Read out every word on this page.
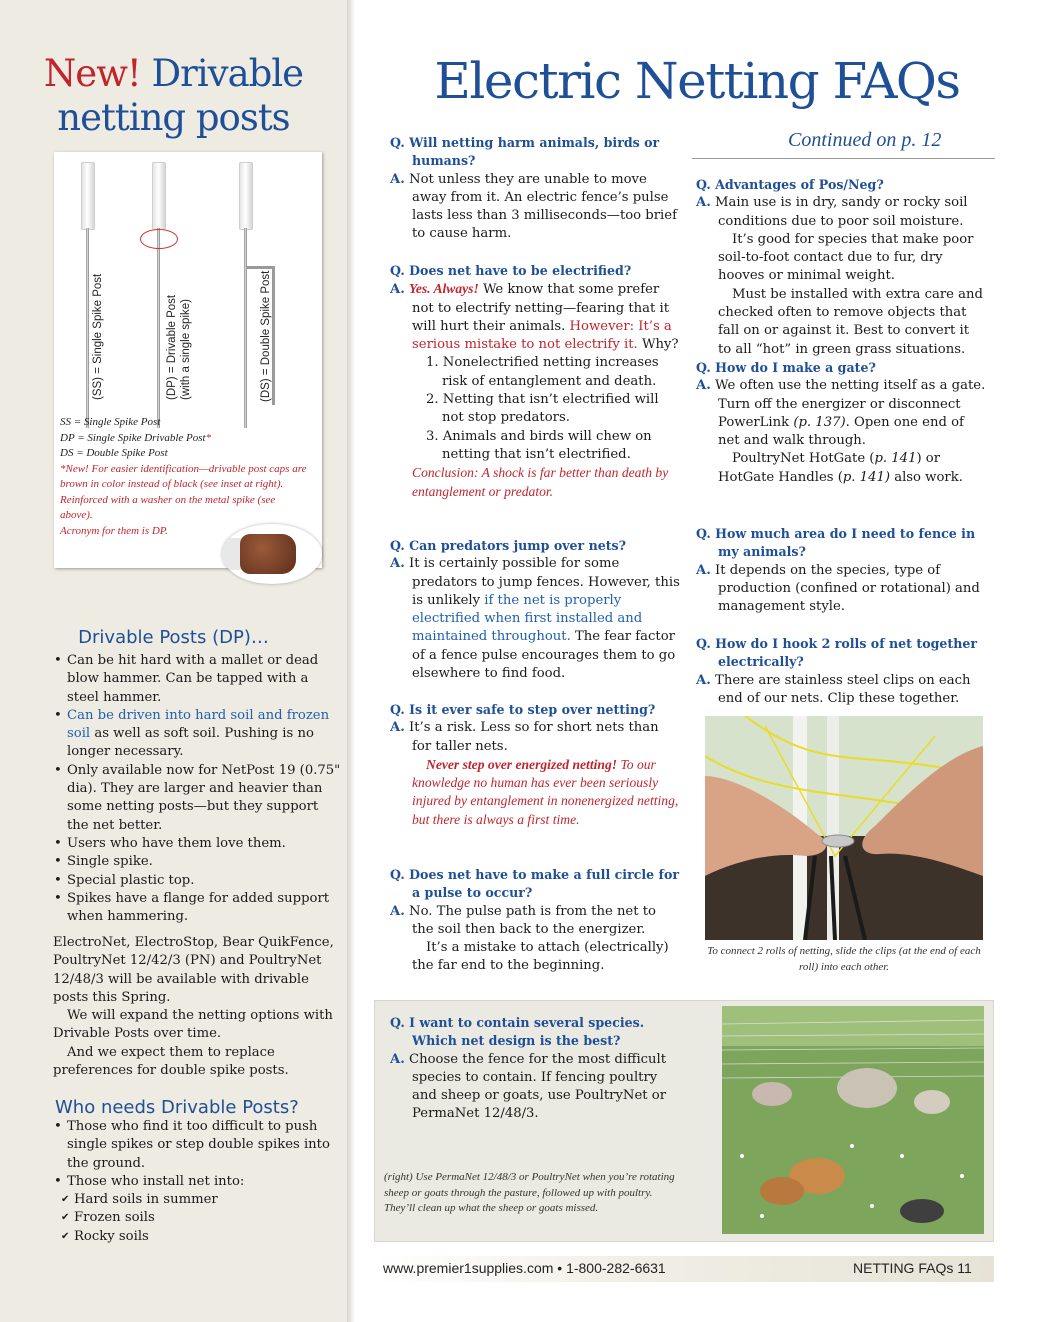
New! Drivable
netting posts
(SS) = Single Spike Post	(DP) = Drivable Post (with a single spike)	(DS) = Double Spike Post
SS = Single Spike Post
DP = Single Spike Drivable Post*
DS = Double Spike Post
*New! For easier identification—drivable post caps are brown in color instead of black (see inset at right). Reinforced with a washer on the metal spike (see above).
Acronym for them is DP.
Drivable Posts (DP)…
• Can be hit hard with a mallet or dead blow hammer. Can be tapped with a steel hammer.
• Can be driven into hard soil and frozen soil as well as soft soil. Pushing is no longer necessary.
• Only available now for NetPost 19 (0.75" dia). They are larger and heavier than some netting posts—but they support the net better.
• Users who have them love them.
• Single spike.
• Special plastic top.
• Spikes have a flange for added support when hammering.

ElectroNet, ElectroStop, Bear QuikFence, PoultryNet 12/42/3 (PN) and PoultryNet 12/48/3 will be available with drivable posts this Spring.

We will expand the netting options with Drivable Posts over time.

And we expect them to replace preferences for double spike posts.

Who needs Drivable Posts?
• Those who find it too difficult to push single spikes or step double spikes into the ground.
• Those who install net into:
✔ Hard soils in summer
✔ Frozen soils
✔ Rocky soils
Electric Netting FAQs
Continued on p. 12
Q. Will netting harm animals, birds or humans?
A. Not unless they are unable to move away from it. An electric fence’s pulse lasts less than 3 milliseconds—too brief to cause harm.
Q. Does net have to be electrified?
A. Yes. Always! We know that some prefer not to electrify netting—fearing that it will hurt their animals. However: It’s a serious mistake to not electrify it. Why?
1. Nonelectrified netting increases risk of entanglement and death.
2. Netting that isn’t electrified will not stop predators.
3. Animals and birds will chew on netting that isn’t electrified.
Conclusion: A shock is far better than death by entanglement or predator.
Q. Can predators jump over nets?
A. It is certainly possible for some predators to jump fences. However, this is unlikely if the net is properly electrified when first installed and maintained throughout. The fear factor of a fence pulse encourages them to go elsewhere to find food.
Q. Is it ever safe to step over netting?
A. It’s a risk. Less so for short nets than for taller nets.
Never step over energized netting! To our knowledge no human has ever been seriously injured by entanglement in nonenergized netting, but there is always a first time.
Q. Does net have to make a full circle for a pulse to occur?
A. No. The pulse path is from the net to the soil then back to the energizer.
It’s a mistake to attach (electrically) the far end to the beginning.
Q. Advantages of Pos/Neg?
A. Main use is in dry, sandy or rocky soil conditions due to poor soil moisture.
It’s good for species that make poor soil-to-foot contact due to fur, dry hooves or minimal weight.
Must be installed with extra care and checked often to remove objects that fall on or against it. Best to convert it to all “hot” in green grass situations.
Q. How do I make a gate?
A. We often use the netting itself as a gate. Turn off the energizer or disconnect PowerLink (p. 137). Open one end of net and walk through.
PoultryNet HotGate (p. 141) or HotGate Handles (p. 141) also work.
Q. How much area do I need to fence in my animals?
A. It depends on the species, type of production (confined or rotational) and management style.
Q. How do I hook 2 rolls of net together electrically?
A. There are stainless steel clips on each end of our nets. Clip these together.
To connect 2 rolls of netting, slide the clips (at the end of each roll) into each other.
Q. I want to contain several species. Which net design is the best?
A. Choose the fence for the most difficult species to contain. If fencing poultry and sheep or goats, use PoultryNet or PermaNet 12/48/3.
(right) Use PermaNet 12/48/3 or PoultryNet when you’re rotating sheep or goats through the pasture, followed up with poultry. They’ll clean up what the sheep or goats missed.
www.premier1supplies.com • 1-800-282-6631	NETTING FAQs 11
